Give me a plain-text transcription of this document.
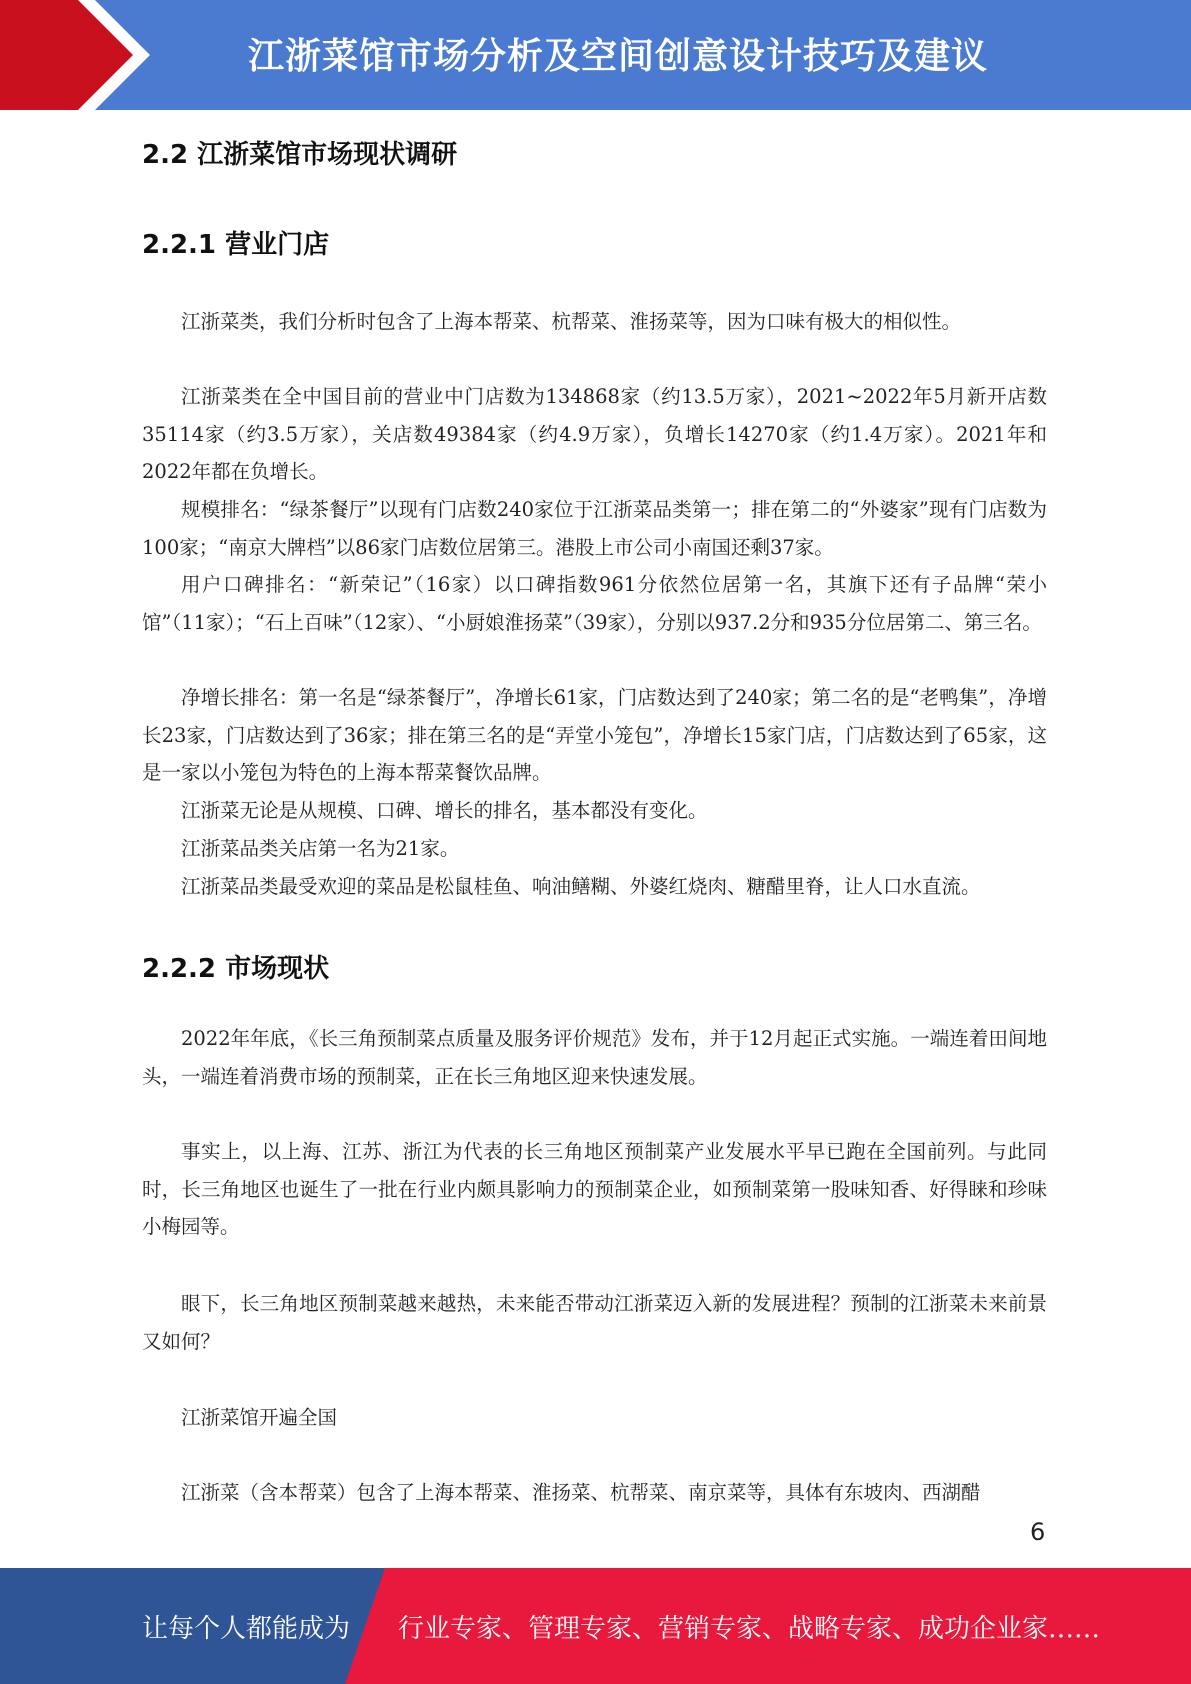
江浙菜馆市场分析及空间创意设计技巧及建议
2.2 江浙菜馆市场现状调研
2.2.1 营业门店

江浙菜类，我们分析时包含了上海本帮菜、杭帮菜、淮扬菜等，因为口味有极大的相似性。

江浙菜类在全中国目前的营业中门店数为134868家（约13.5万家），2021~2022年5月新开店数35114家（约3.5万家），关店数49384家（约4.9万家），负增长14270家（约1.4万家）。2021年和2022年都在负增长。

规模排名：“绿茶餐厅”以现有门店数240家位于江浙菜品类第一；排在第二的“外婆家”现有门店数为100家；“南京大牌档”以86家门店数位居第三。港股上市公司小南国还剩37家。

用户口碑排名：“新荣记”（16家）以口碑指数961分依然位居第一名，其旗下还有子品牌“荣小馆”（11家）；“石上百味”（12家）、“小厨娘淮扬菜”（39家），分别以937.2分和935分位居第二、第三名。

净增长排名：第一名是“绿茶餐厅”，净增长61家，门店数达到了240家；第二名的是“老鸭集”，净增长23家，门店数达到了36家；排在第三名的是“弄堂小笼包”，净增长15家门店，门店数达到了65家，这是一家以小笼包为特色的上海本帮菜餐饮品牌。

江浙菜无论是从规模、口碑、增长的排名，基本都没有变化。

江浙菜品类关店第一名为21家。

江浙菜品类最受欢迎的菜品是松鼠桂鱼、响油鳝糊、外婆红烧肉、糖醋里脊，让人口水直流。

2.2.2 市场现状

2022年年底，《长三角预制菜点质量及服务评价规范》发布，并于12月起正式实施。一端连着田间地头，一端连着消费市场的预制菜，正在长三角地区迎来快速发展。

事实上，以上海、江苏、浙江为代表的长三角地区预制菜产业发展水平早已跑在全国前列。与此同时，长三角地区也诞生了一批在行业内颇具影响力的预制菜企业，如预制菜第一股味知香、好得睐和珍味小梅园等。

眼下，长三角地区预制菜越来越热，未来能否带动江浙菜迈入新的发展进程？预制的江浙菜未来前景又如何？

江浙菜馆开遍全国

江浙菜（含本帮菜）包含了上海本帮菜、淮扬菜、杭帮菜、南京菜等，具体有东坡肉、西湖醋

6
让每个人都能成为 行业专家、管理专家、营销专家、战略专家、成功企业家……
